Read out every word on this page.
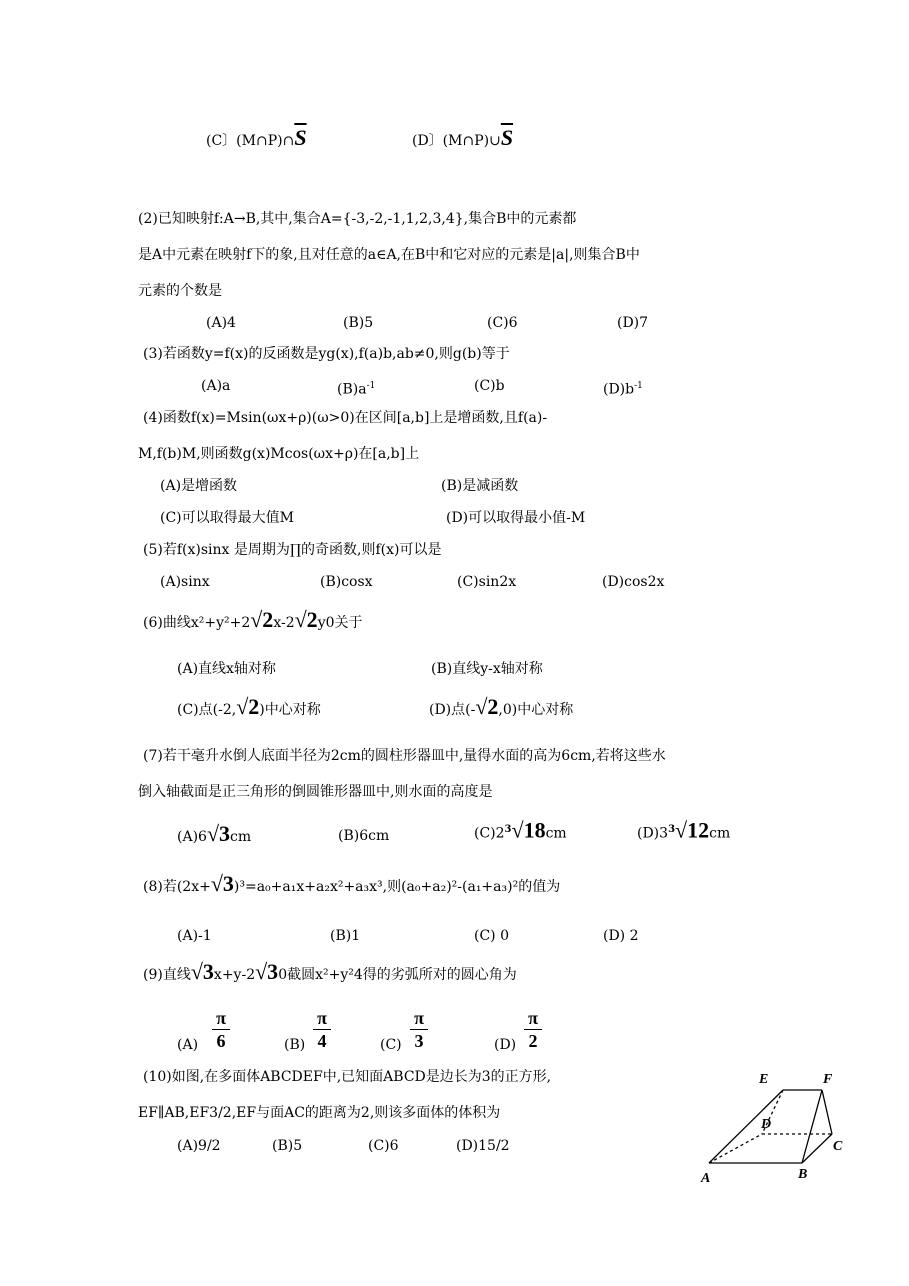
(C〕$(M\cap P)\cap\overline{S}$	(D〕$(M\cap P)\cup\overline{S}$
(2)已知映射f:A→B,其中,集合A={-3,-2,-1,1,2,3,4},集合B中的元素都
是A中元素在映射f下的象,且对任意的a∈A,在B中和它对应的元素是|a|,则集合B中
元素的个数是
(A)4	(B)5	(C)6	(D)7
(3)若函数y=f(x)的反函数是yg(x),f(a)b,ab≠0,则g(b)等于
(A)a	$(B)a^{-1}$	(C)b	$(D)b^{-1}$
(4)函数f(x)=Msin(ωx+ρ)(ω>0)在区间[a,b]上是增函数,且f(a)-
M,f(b)M,则函数g(x)Mcos(ωx+ρ)在[a,b]上
(A)是增函数	(B)是减函数
(C)可以取得最大值M	(D)可以取得最小值-M
(5)若f(x)sinx 是周期为∏的奇函数,则f(x)可以是
(A)sinx	(B)cosx	(C)sin2x	(D)cos2x
(6)曲线x²+y²+2√2x-2√2y0关于
(A)直线x轴对称	(B)直线y-x轴对称
(C)点(-2,√2)中心对称	(D)点(-√2,0)中心对称
(7)若干毫升水倒人底面半径为2cm的圆柱形器皿中,量得水面的高为6cm,若将这些水
倒入轴截面是正三角形的倒圆锥形器皿中,则水面的高度是
(A)6√3cm	(B)6cm	$(C)2^3√18cm$	$(D)3^3√12cm$
(8)若(2x+√3)³=a₀+a₁x+a₂x²+a₃x³,则(a₀+a₂)²-(a₁+a₃)²的值为
(A)-1	(B)1	(C) 0	(D) 2
(9)直线√3x+y-2√30截圆x²+y²4得的劣弧所对的圆心角为
(A)
π
6	(B)
π
4	(C)
π
3	(D)
π
2
(10)如图,在多面体ABCDEF中,已知面ABCD是边长为3的正方形,
EF∥AB,EF3/2,EF与面AC的距离为2,则该多面体的体积为
(A)9/2	(B)5	(C)6	(D)15/2
E	F
D
C
A	B
